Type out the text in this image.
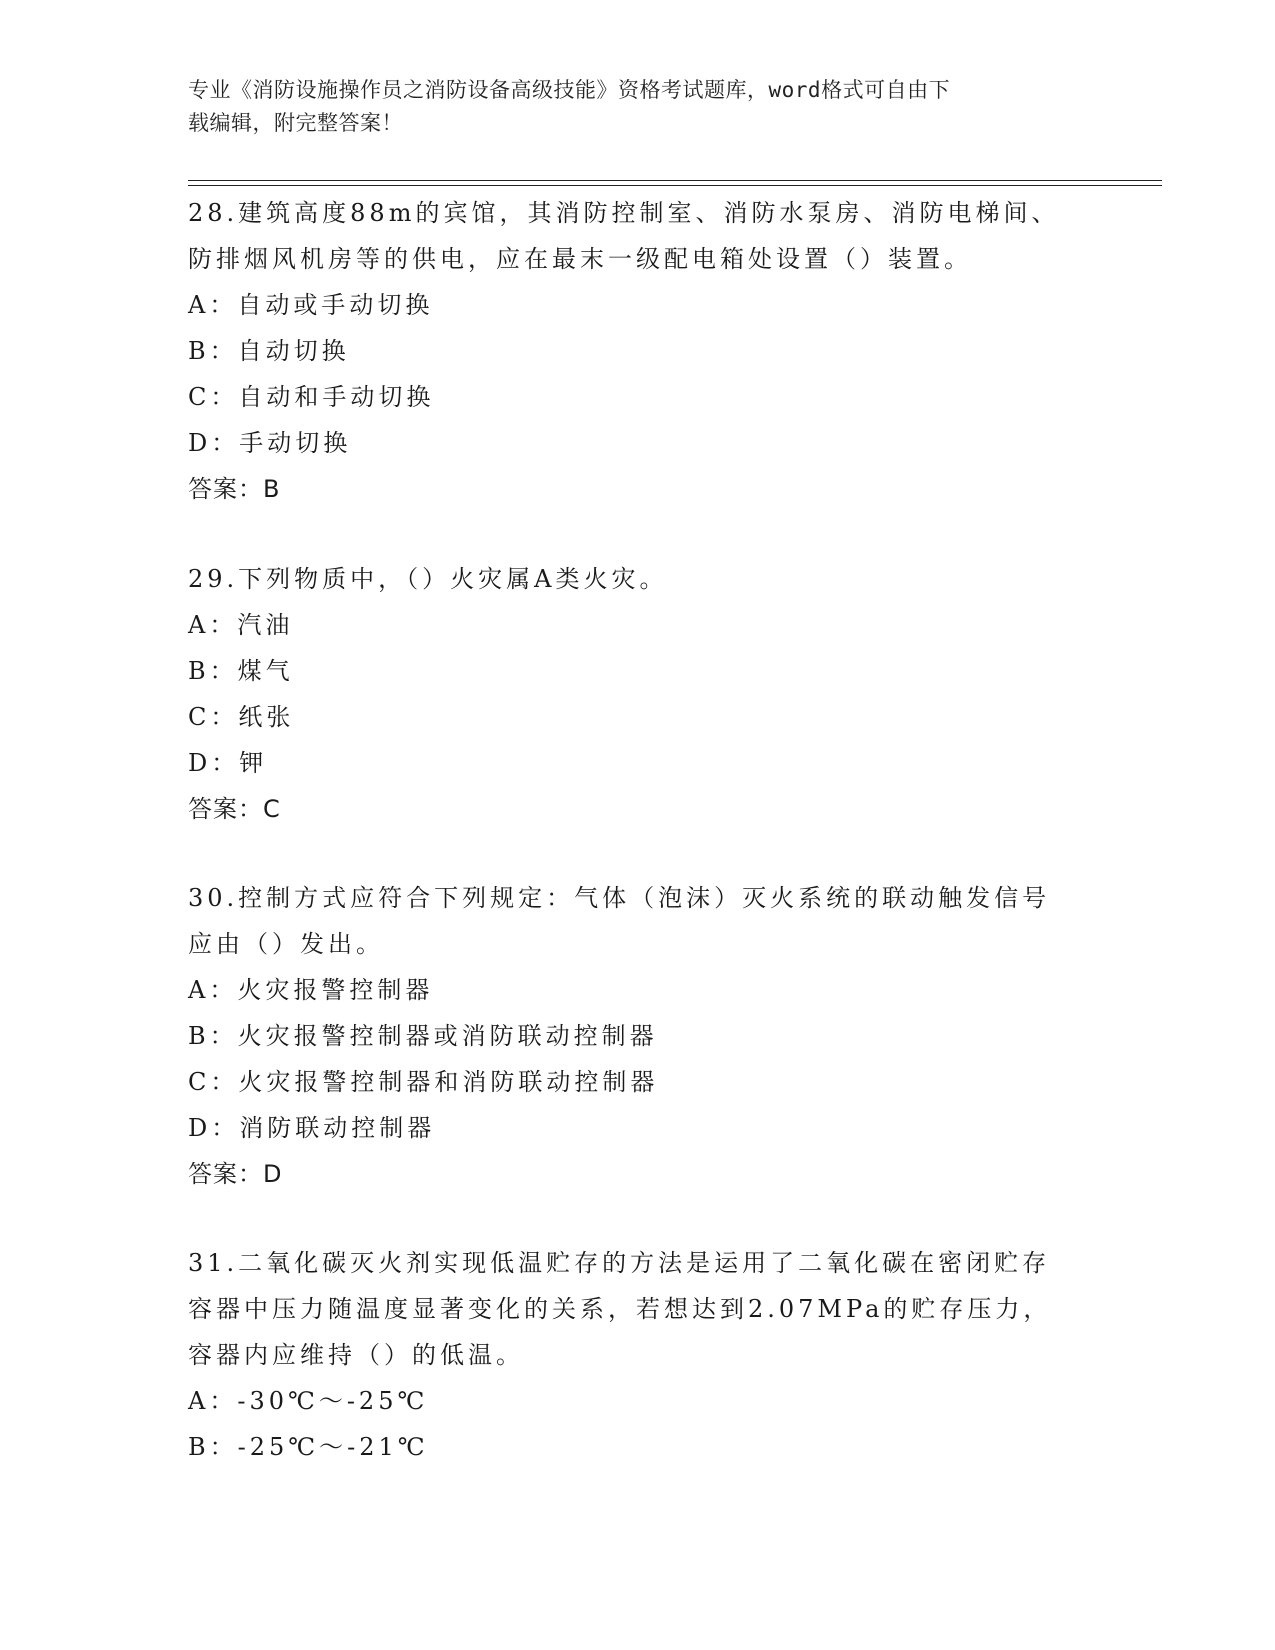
专业《消防设施操作员之消防设备高级技能》资格考试题库，word格式可自由下
载编辑，附完整答案！

28.建筑高度88m的宾馆，其消防控制室、消防水泵房、消防电梯间、

防排烟风机房等的供电，应在最末一级配电箱处设置（）装置。

A：自动或手动切换

B：自动切换

C：自动和手动切换

D：手动切换

答案：B

29.下列物质中，（）火灾属A类火灾。

A：汽油

B：煤气

C：纸张

D：钾

答案：C

30.控制方式应符合下列规定：气体（泡沫）灭火系统的联动触发信号

应由（）发出。

A：火灾报警控制器

B：火灾报警控制器或消防联动控制器

C：火灾报警控制器和消防联动控制器

D：消防联动控制器

答案：D

31.二氧化碳灭火剂实现低温贮存的方法是运用了二氧化碳在密闭贮存

容器中压力随温度显著变化的关系，若想达到2.07MPa的贮存压力，

容器内应维持（）的低温。

A：-30℃～-25℃

B：-25℃～-21℃
